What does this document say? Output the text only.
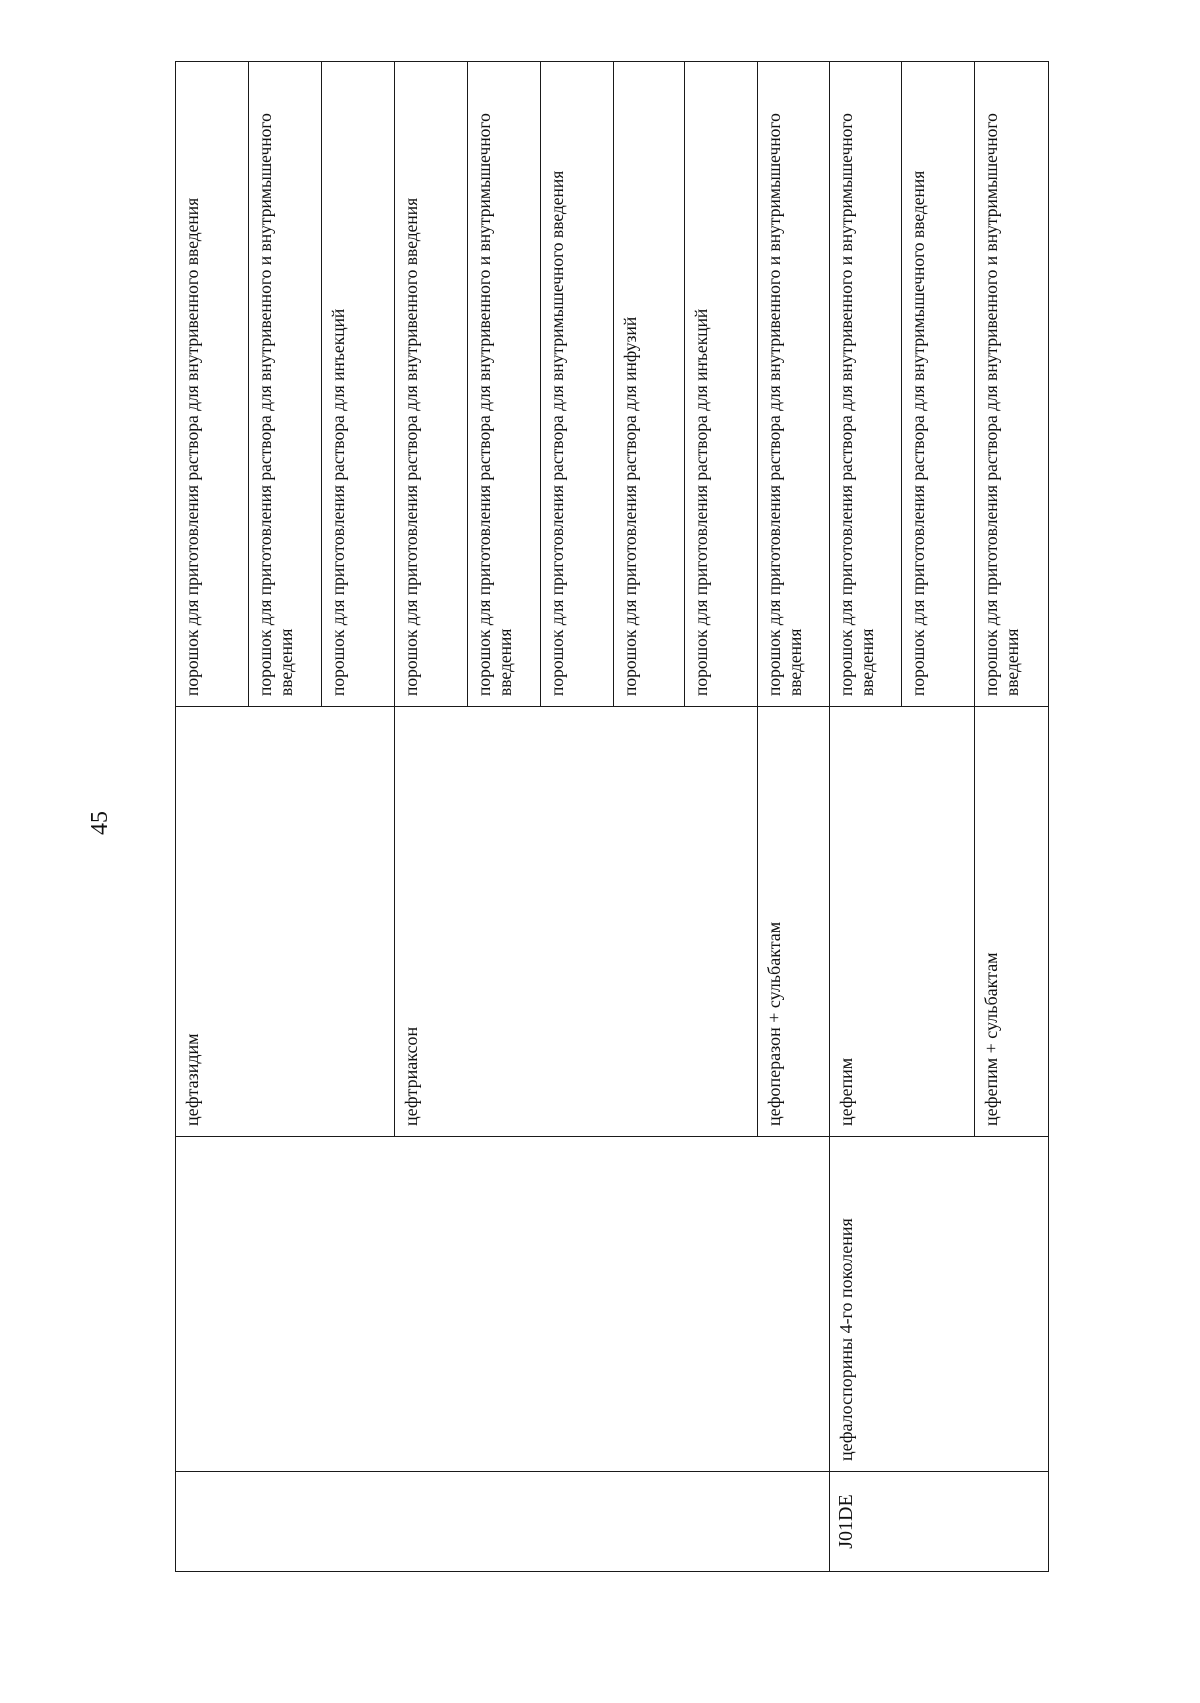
45
		цефтазидим	порошок для приготовления раствора для внутривенного введения
			порошок для приготовления раствора для внутривенного и внутримышечного введения
			порошок для приготовления раствора для инъекций
		цефтриаксон	порошок для приготовления раствора для внутривенного введения
			порошок для приготовления раствора для внутривенного и внутримышечного введения
			порошок для приготовления раствора для внутримышечного введения
			порошок для приготовления раствора для инфузий
			порошок для приготовления раствора для инъекций
		цефоперазон + сульбактам	порошок для приготовления раствора для внутривенного и внутримышечного введения
J01DE	цефалоспорины 4-го поколения	цефепим	порошок для приготовления раствора для внутривенного и внутримышечного введения
			порошок для приготовления раствора для внутримышечного введения
		цефепим + сульбактам	порошок для приготовления раствора для внутривенного и внутримышечного введения
